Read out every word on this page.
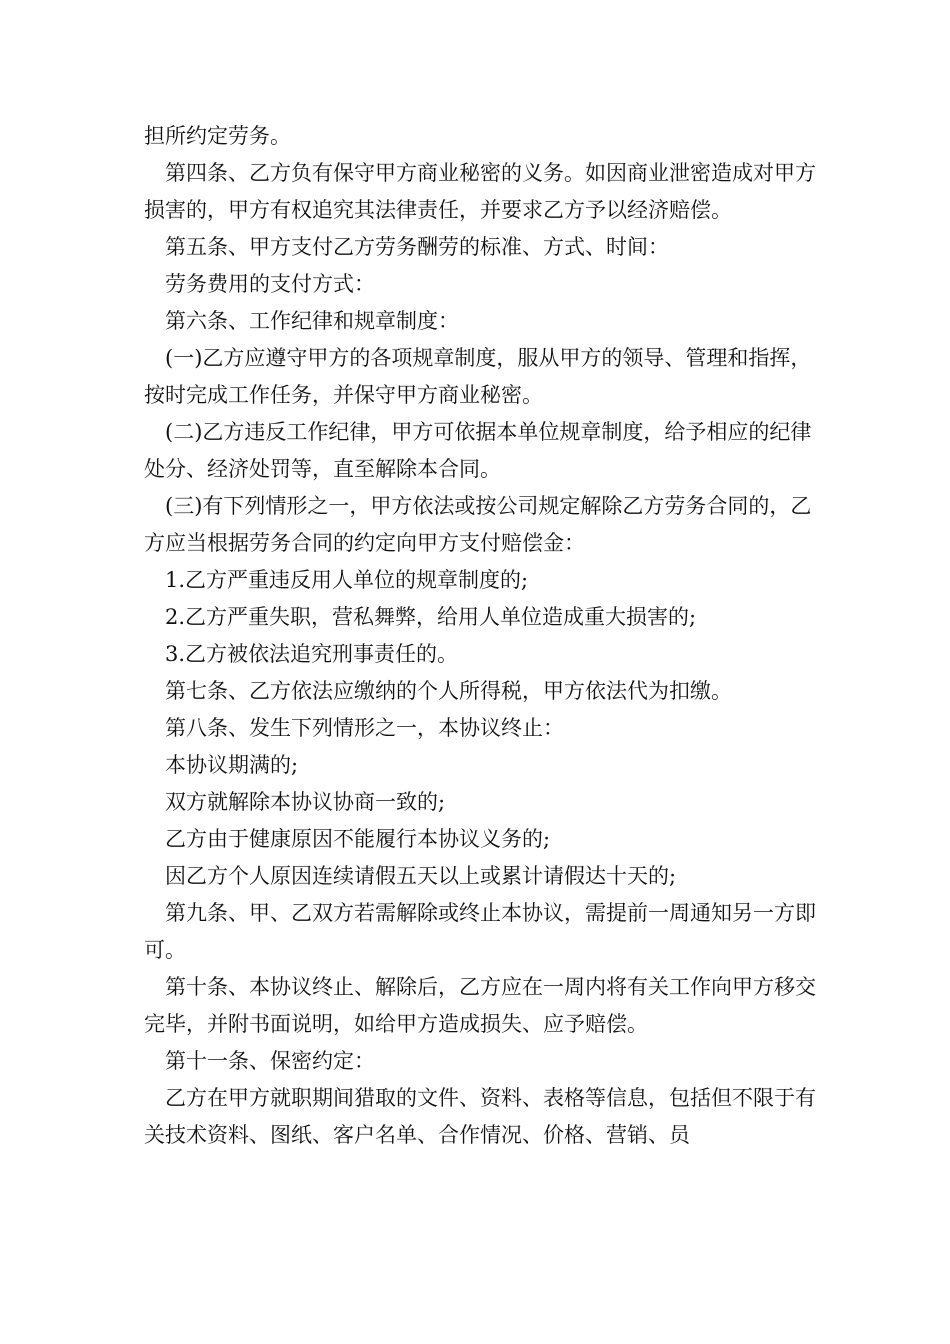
担所约定劳务。

第四条、乙方负有保守甲方商业秘密的义务。如因商业泄密造成对甲方损害的，甲方有权追究其法律责任，并要求乙方予以经济赔偿。

第五条、甲方支付乙方劳务酬劳的标准、方式、时间：

劳务费用的支付方式：

第六条、工作纪律和规章制度：

(一)乙方应遵守甲方的各项规章制度，服从甲方的领导、管理和指挥，按时完成工作任务，并保守甲方商业秘密。

(二)乙方违反工作纪律，甲方可依据本单位规章制度，给予相应的纪律处分、经济处罚等，直至解除本合同。

(三)有下列情形之一，甲方依法或按公司规定解除乙方劳务合同的，乙方应当根据劳务合同的约定向甲方支付赔偿金：

1.乙方严重违反用人单位的规章制度的;

2.乙方严重失职，营私舞弊，给用人单位造成重大损害的;

3.乙方被依法追究刑事责任的。

第七条、乙方依法应缴纳的个人所得税，甲方依法代为扣缴。

第八条、发生下列情形之一，本协议终止：

本协议期满的;

双方就解除本协议协商一致的;

乙方由于健康原因不能履行本协议义务的;

因乙方个人原因连续请假五天以上或累计请假达十天的;

第九条、甲、乙双方若需解除或终止本协议，需提前一周通知另一方即可。

第十条、本协议终止、解除后，乙方应在一周内将有关工作向甲方移交完毕，并附书面说明，如给甲方造成损失、应予赔偿。

第十一条、保密约定：

乙方在甲方就职期间猎取的文件、资料、表格等信息，包括但不限于有关技术资料、图纸、客户名单、合作情况、价格、营销、员
